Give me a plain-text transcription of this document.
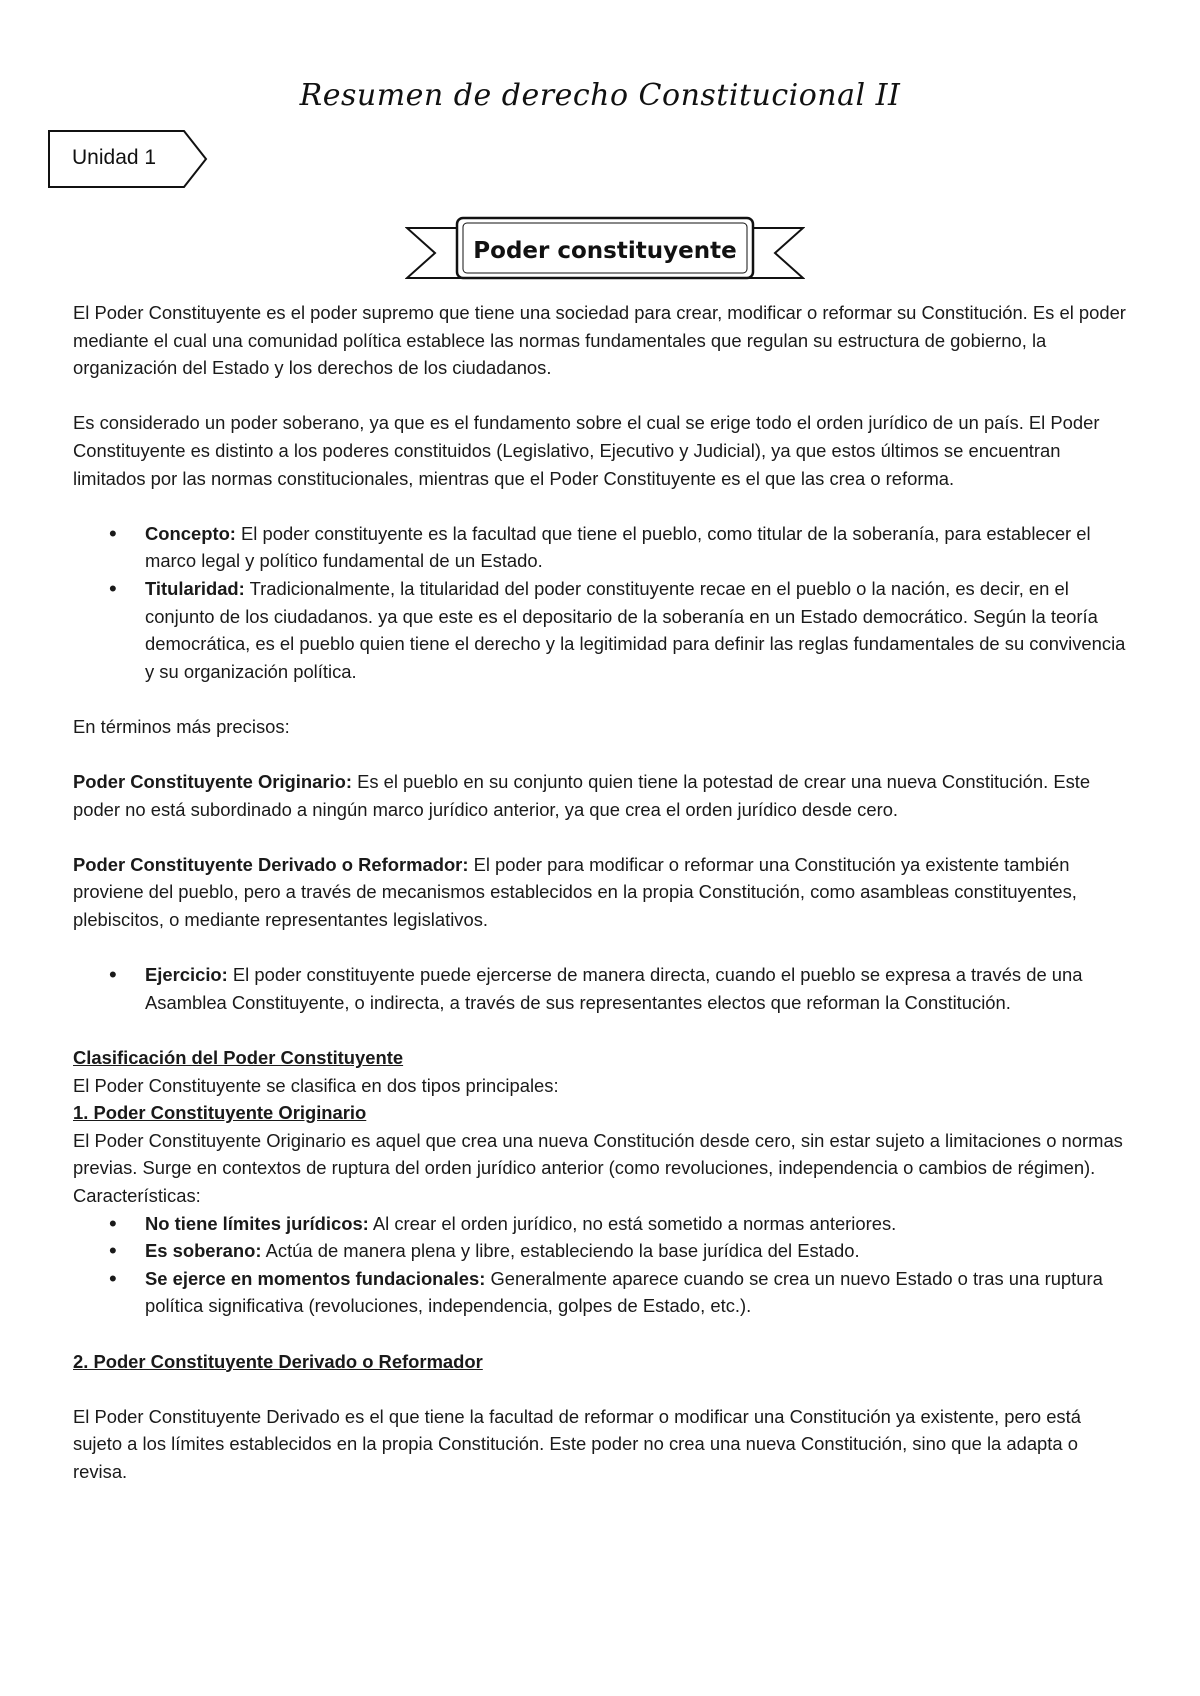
Resumen de derecho Constitucional II
Unidad 1
Poder constituyente

El Poder Constituyente es el poder supremo que tiene una sociedad para crear, modificar o reformar su Constitución. Es el poder mediante el cual una comunidad política establece las normas fundamentales que regulan su estructura de gobierno, la organización del Estado y los derechos de los ciudadanos.

Es considerado un poder soberano, ya que es el fundamento sobre el cual se erige todo el orden jurídico de un país. El Poder Constituyente es distinto a los poderes constituidos (Legislativo, Ejecutivo y Judicial), ya que estos últimos se encuentran limitados por las normas constitucionales, mientras que el Poder Constituyente es el que las crea o reforma.

• Concepto: El poder constituyente es la facultad que tiene el pueblo, como titular de la soberanía, para establecer el marco legal y político fundamental de un Estado.
• Titularidad: Tradicionalmente, la titularidad del poder constituyente recae en el pueblo o la nación, es decir, en el conjunto de los ciudadanos. ya que este es el depositario de la soberanía en un Estado democrático. Según la teoría democrática, es el pueblo quien tiene el derecho y la legitimidad para definir las reglas fundamentales de su convivencia y su organización política.

En términos más precisos:

Poder Constituyente Originario: Es el pueblo en su conjunto quien tiene la potestad de crear una nueva Constitución. Este poder no está subordinado a ningún marco jurídico anterior, ya que crea el orden jurídico desde cero.

Poder Constituyente Derivado o Reformador: El poder para modificar o reformar una Constitución ya existente también proviene del pueblo, pero a través de mecanismos establecidos en la propia Constitución, como asambleas constituyentes, plebiscitos, o mediante representantes legislativos.

• Ejercicio: El poder constituyente puede ejercerse de manera directa, cuando el pueblo se expresa a través de una Asamblea Constituyente, o indirecta, a través de sus representantes electos que reforman la Constitución.

Clasificación del Poder Constituyente

El Poder Constituyente se clasifica en dos tipos principales:

1. Poder Constituyente Originario

El Poder Constituyente Originario es aquel que crea una nueva Constitución desde cero, sin estar sujeto a limitaciones o normas previas. Surge en contextos de ruptura del orden jurídico anterior (como revoluciones, independencia o cambios de régimen).

Características:

• No tiene límites jurídicos: Al crear el orden jurídico, no está sometido a normas anteriores.
• Es soberano: Actúa de manera plena y libre, estableciendo la base jurídica del Estado.
• Se ejerce en momentos fundacionales: Generalmente aparece cuando se crea un nuevo Estado o tras una ruptura política significativa (revoluciones, independencia, golpes de Estado, etc.).

2. Poder Constituyente Derivado o Reformador

El Poder Constituyente Derivado es el que tiene la facultad de reformar o modificar una Constitución ya existente, pero está sujeto a los límites establecidos en la propia Constitución. Este poder no crea una nueva Constitución, sino que la adapta o revisa.
